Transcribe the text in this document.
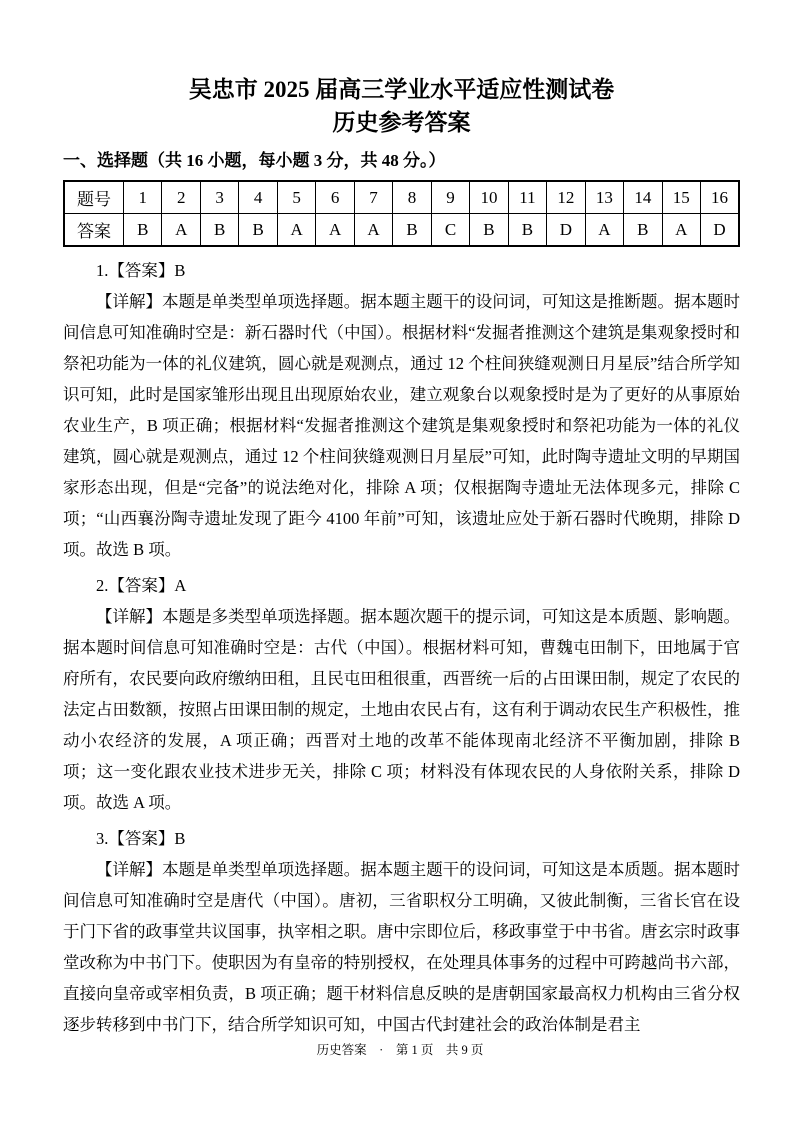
吴忠市 2025 届高三学业水平适应性测试卷
历史参考答案
一、选择题（共 16 小题，每小题 3 分，共 48 分。）
题号	1	2	3	4	5	6	7	8	9	10	11	12	13	14	15	16
答案	B	A	B	B	A	A	A	B	C	B	B	D	A	B	A	D
1.【答案】B
【详解】本题是单类型单项选择题。据本题主题干的设问词，可知这是推断题。据本题时间信息可知准确时空是：新石器时代（中国）。根据材料“发掘者推测这个建筑是集观象授时和祭祀功能为一体的礼仪建筑，圆心就是观测点，通过 12 个柱间狭缝观测日月星辰”结合所学知识可知，此时是国家雏形出现且出现原始农业，建立观象台以观象授时是为了更好的从事原始农业生产，B 项正确；根据材料“发掘者推测这个建筑是集观象授时和祭祀功能为一体的礼仪建筑，圆心就是观测点，通过 12 个柱间狭缝观测日月星辰”可知，此时陶寺遗址文明的早期国家形态出现，但是“完备”的说法绝对化，排除 A 项；仅根据陶寺遗址无法体现多元，排除 C 项；“山西襄汾陶寺遗址发现了距今 4100 年前”可知，该遗址应处于新石器时代晚期，排除 D 项。故选 B 项。
2.【答案】A
【详解】本题是多类型单项选择题。据本题次题干的提示词，可知这是本质题、影响题。据本题时间信息可知准确时空是：古代（中国）。根据材料可知，曹魏屯田制下，田地属于官府所有，农民要向政府缴纳田租，且民屯田租很重，西晋统一后的占田课田制，规定了农民的法定占田数额，按照占田课田制的规定，土地由农民占有，这有利于调动农民生产积极性，推动小农经济的发展，A 项正确；西晋对土地的改革不能体现南北经济不平衡加剧，排除 B 项；这一变化跟农业技术进步无关，排除 C 项；材料没有体现农民的人身依附关系，排除 D 项。故选 A 项。
3.【答案】B
【详解】本题是单类型单项选择题。据本题主题干的设问词，可知这是本质题。据本题时间信息可知准确时空是唐代（中国）。唐初，三省职权分工明确，又彼此制衡，三省长官在设于门下省的政事堂共议国事，执宰相之职。唐中宗即位后，移政事堂于中书省。唐玄宗时政事堂改称为中书门下。使职因为有皇帝的特别授权，在处理具体事务的过程中可跨越尚书六部，直接向皇帝或宰相负责，B 项正确；题干材料信息反映的是唐朝国家最高权力机构由三省分权逐步转移到中书门下，结合所学知识可知，中国古代封建社会的政治体制是君主
历史答案　·　第 1 页　共 9 页
